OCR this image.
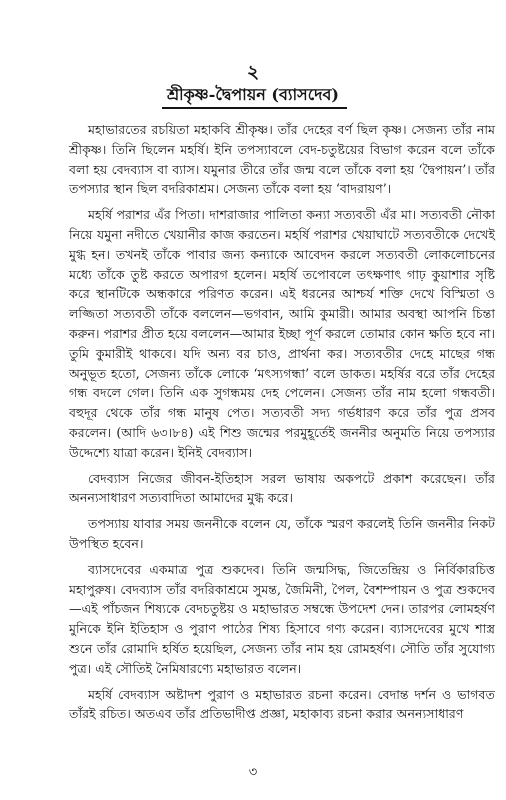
২
শ্রীকৃষ্ণ-দ্বৈপায়ন (ব্যাসদেব)

মহাভারতের রচয়িতা মহাকবি শ্রীকৃষ্ণ। তাঁর দেহের বর্ণ ছিল কৃষ্ণ। সেজন্য তাঁর নাম শ্রীকৃষ্ণ। তিনি ছিলেন মহর্ষি। ইনি তপস্যাবলে বেদ-চতুষ্টয়ের বিভাগ করেন বলে তাঁকে বলা হয় বেদব্যাস বা ব্যাস। যমুনার তীরে তাঁর জন্ম বলে তাঁকে বলা হয় ‘দ্বৈপায়ন’। তাঁর তপস্যার স্থান ছিল বদরিকাশ্রম। সেজন্য তাঁকে বলা হয় ‘বাদরায়ণ’।

মহর্ষি পরাশর এঁর পিতা। দাশরাজার পালিতা কন্যা সত্যবতী এঁর মা। সত্যবতী নৌকা নিয়ে যমুনা নদীতে খেয়ানীর কাজ করতেন। মহর্ষি পরাশর খেয়াঘাটে সত্যবতীকে দেখেই মুগ্ধ হন। তখনই তাঁকে পাবার জন্য কন্যাকে আবেদন করলে সত্যবতী লোকলোচনের মধ্যে তাঁকে তুষ্ট করতে অপারগ হলেন। মহর্ষি তপোবলে তৎক্ষণাৎ গাঢ় কুয়াশার সৃষ্টি করে স্থানটিকে অন্ধকারে পরিণত করেন। এই ধরনের আশ্চর্য শক্তি দেখে বিস্মিতা ও লজ্জিতা সত্যবতী তাঁকে বললেন—ভগবান, আমি কুমারী। আমার অবস্থা আপনি চিন্তা করুন। পরাশর প্রীত হয়ে বললেন—আমার ইচ্ছা পূর্ণ করলে তোমার কোন ক্ষতি হবে না। তুমি কুমারীই থাকবে। যদি অন্য বর চাও, প্রার্থনা কর। সত্যবতীর দেহে মাছের গন্ধ অনুভূত হতো, সেজন্য তাঁকে লোকে ‘মৎস্যগন্ধা’ বলে ডাকত। মহর্ষির বরে তাঁর দেহের গন্ধ বদলে গেল। তিনি এক সুগন্ধময় দেহ পেলেন। সেজন্য তাঁর নাম হলো গন্ধবতী। বহুদূর থেকে তাঁর গন্ধ মানুষ পেত। সত্যবতী সদ্য গর্ভধারণ করে তাঁর পুত্র প্রসব করলেন। (আদি ৬৩।৮৪) এই শিশু জন্মের পরমুহূর্তেই জননীর অনুমতি নিয়ে তপস্যার উদ্দেশ্যে যাত্রা করেন। ইনিই বেদব্যাস।

বেদব্যাস নিজের জীবন-ইতিহাস সরল ভাষায় অকপটে প্রকাশ করেছেন। তাঁর অনন্যসাধারণ সত্যবাদিতা আমাদের মুগ্ধ করে।

তপস্যায় যাবার সময় জননীকে বলেন যে, তাঁকে স্মরণ করলেই তিনি জননীর নিকট উপস্থিত হবেন।

ব্যাসদেবের একমাত্র পুত্র শুকদেব। তিনি জন্মসিদ্ধ, জিতেন্দ্রিয় ও নির্বিকারচিত্ত মহাপুরুষ। বেদব্যাস তাঁর বদরিকাশ্রমে সুমন্ত, জৈমিনী, পৈল, বৈশম্পায়ন ও পুত্র শুকদেব—এই পাঁচজন শিষ্যকে বেদচতুষ্টয় ও মহাভারত সম্বন্ধে উপদেশ দেন। তারপর লোমহর্ষণ মুনিকে ইনি ইতিহাস ও পুরাণ পাঠের শিষ্য হিসাবে গণ্য করেন। ব্যাসদেবের মুখে শাস্ত্র শুনে তাঁর রোমাদি হর্ষিত হয়েছিল, সেজন্য তাঁর নাম হয় রোমহর্ষণ। সৌতি তাঁর সুযোগ্য পুত্র। এই সৌতিই নৈমিষারণ্যে মহাভারত বলেন।

মহর্ষি বেদব্যাস অষ্টাদশ পুরাণ ও মহাভারত রচনা করেন। বেদান্ত দর্শন ও ভাগবত তাঁরই রচিত। অতএব তাঁর প্রতিভাদীপ্ত প্রজ্ঞা, মহাকাব্য রচনা করার অনন্যসাধারণ

৩
